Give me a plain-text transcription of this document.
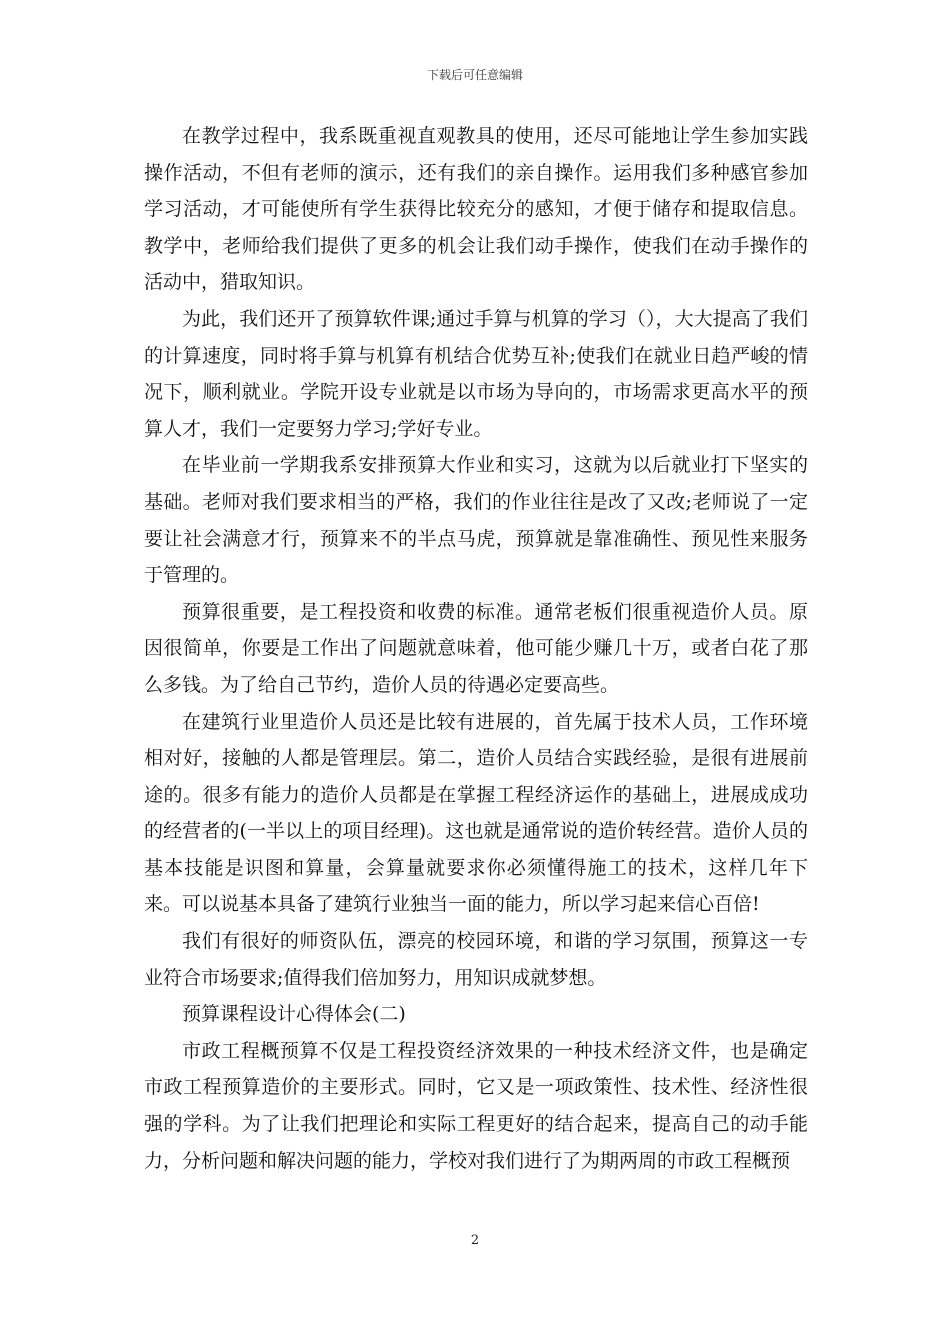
下载后可任意编辑

在教学过程中，我系既重视直观教具的使用，还尽可能地让学生参加实践操作活动，不但有老师的演示，还有我们的亲自操作。运用我们多种感官参加学习活动，才可能使所有学生获得比较充分的感知，才便于储存和提取信息。教学中，老师给我们提供了更多的机会让我们动手操作，使我们在动手操作的活动中，猎取知识。

为此，我们还开了预算软件课;通过手算与机算的学习（），大大提高了我们的计算速度，同时将手算与机算有机结合优势互补;使我们在就业日趋严峻的情况下，顺利就业。学院开设专业就是以市场为导向的，市场需求更高水平的预算人才，我们一定要努力学习;学好专业。

在毕业前一学期我系安排预算大作业和实习，这就为以后就业打下坚实的基础。老师对我们要求相当的严格，我们的作业往往是改了又改;老师说了一定要让社会满意才行，预算来不的半点马虎，预算就是靠准确性、预见性来服务于管理的。

预算很重要，是工程投资和收费的标准。通常老板们很重视造价人员。原因很简单，你要是工作出了问题就意味着，他可能少赚几十万，或者白花了那么多钱。为了给自己节约，造价人员的待遇必定要高些。

在建筑行业里造价人员还是比较有进展的，首先属于技术人员，工作环境相对好，接触的人都是管理层。第二，造价人员结合实践经验，是很有进展前途的。很多有能力的造价人员都是在掌握工程经济运作的基础上，进展成成功的经营者的(一半以上的项目经理)。这也就是通常说的造价转经营。造价人员的基本技能是识图和算量，会算量就要求你必须懂得施工的技术，这样几年下来。可以说基本具备了建筑行业独当一面的能力，所以学习起来信心百倍!

我们有很好的师资队伍，漂亮的校园环境，和谐的学习氛围，预算这一专业符合市场要求;值得我们倍加努力，用知识成就梦想。

预算课程设计心得体会(二)

市政工程概预算不仅是工程投资经济效果的一种技术经济文件，也是确定市政工程预算造价的主要形式。同时，它又是一项政策性、技术性、经济性很强的学科。为了让我们把理论和实际工程更好的结合起来，提高自己的动手能力，分析问题和解决问题的能力，学校对我们进行了为期两周的市政工程概预

2
